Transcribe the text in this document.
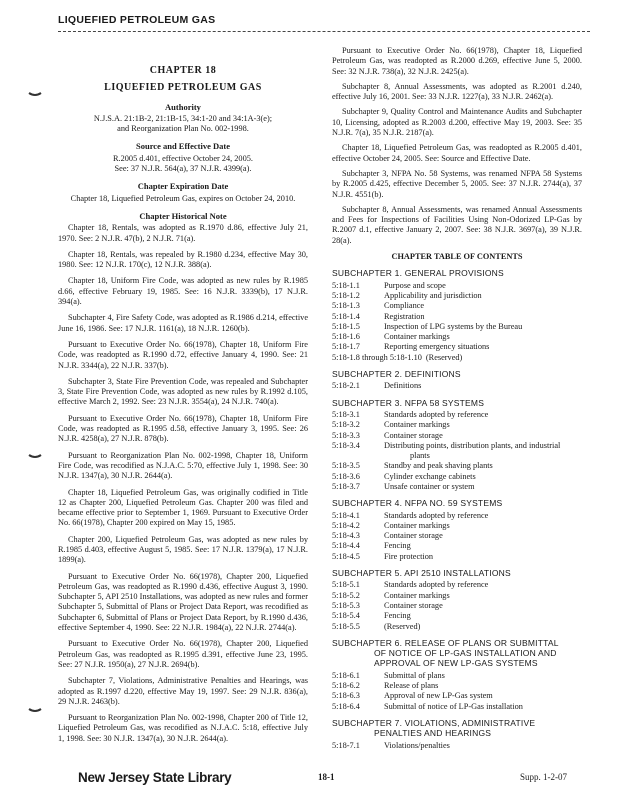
LIQUEFIED PETROLEUM GAS
CHAPTER 18
LIQUEFIED PETROLEUM GAS
Authority
N.J.S.A. 21:1B-2, 21:1B-15, 34:1-20 and 34:1A-3(e);
and Reorganization Plan No. 002-1998.
Source and Effective Date
R.2005 d.401, effective October 24, 2005.
See: 37 N.J.R. 564(a), 37 N.J.R. 4399(a).
Chapter Expiration Date
Chapter 18, Liquefied Petroleum Gas, expires on October 24, 2010.
Chapter Historical Note

Chapter 18, Rentals, was adopted as R.1970 d.86, effective July 21, 1970. See: 2 N.J.R. 47(b), 2 N.J.R. 71(a).

Chapter 18, Rentals, was repealed by R.1980 d.234, effective May 30, 1980. See: 12 N.J.R. 170(c), 12 N.J.R. 388(a).

Chapter 18, Uniform Fire Code, was adopted as new rules by R.1985 d.66, effective February 19, 1985. See: 16 N.J.R. 3339(b), 17 N.J.R. 394(a).

Subchapter 4, Fire Safety Code, was adopted as R.1986 d.214, effective June 16, 1986. See: 17 N.J.R. 1161(a), 18 N.J.R. 1260(b).

Pursuant to Executive Order No. 66(1978), Chapter 18, Uniform Fire Code, was readopted as R.1990 d.72, effective January 4, 1990. See: 21 N.J.R. 3344(a), 22 N.J.R. 337(b).

Subchapter 3, State Fire Prevention Code, was repealed and Subchapter 3, State Fire Prevention Code, was adopted as new rules by R.1992 d.105, effective March 2, 1992. See: 23 N.J.R. 3554(a), 24 N.J.R. 740(a).

Pursuant to Executive Order No. 66(1978), Chapter 18, Uniform Fire Code, was readopted as R.1995 d.58, effective January 3, 1995. See: 26 N.J.R. 4258(a), 27 N.J.R. 878(b).

Pursuant to Reorganization Plan No. 002-1998, Chapter 18, Uniform Fire Code, was recodified as N.J.A.C. 5:70, effective July 1, 1998. See: 30 N.J.R. 1347(a), 30 N.J.R. 2644(a).

Chapter 18, Liquefied Petroleum Gas, was originally codified in Title 12 as Chapter 200, Liquefied Petroleum Gas. Chapter 200 was filed and became effective prior to September 1, 1969. Pursuant to Executive Order No. 66(1978), Chapter 200 expired on May 15, 1985.

Chapter 200, Liquefied Petroleum Gas, was adopted as new rules by R.1985 d.403, effective August 5, 1985. See: 17 N.J.R. 1379(a), 17 N.J.R. 1899(a).

Pursuant to Executive Order No. 66(1978), Chapter 200, Liquefied Petroleum Gas, was readopted as R.1990 d.436, effective August 3, 1990. Subchapter 5, API 2510 Installations, was adopted as new rules and former Subchapter 5, Submittal of Plans or Project Data Report, was recodified as Subchapter 6, Submittal of Plans or Project Data Report, by R.1990 d.436, effective September 4, 1990. See: 22 N.J.R. 1984(a), 22 N.J.R. 2744(a).

Pursuant to Executive Order No. 66(1978), Chapter 200, Liquefied Petroleum Gas, was readopted as R.1995 d.391, effective June 23, 1995. See: 27 N.J.R. 1950(a), 27 N.J.R. 2694(b).

Subchapter 7, Violations, Administrative Penalties and Hearings, was adopted as R.1997 d.220, effective May 19, 1997. See: 29 N.J.R. 836(a), 29 N.J.R. 2463(b).

Pursuant to Reorganization Plan No. 002-1998, Chapter 200 of Title 12, Liquefied Petroleum Gas, was recodified as N.J.A.C. 5:18, effective July 1, 1998. See: 30 N.J.R. 1347(a), 30 N.J.R. 2644(a).

Pursuant to Executive Order No. 66(1978), Chapter 18, Liquefied Petroleum Gas, was readopted as R.2000 d.269, effective June 5, 2000. See: 32 N.J.R. 738(a), 32 N.J.R. 2425(a).

Subchapter 8, Annual Assessments, was adopted as R.2001 d.240, effective July 16, 2001. See: 33 N.J.R. 1227(a), 33 N.J.R. 2462(a).

Subchapter 9, Quality Control and Maintenance Audits and Subchapter 10, Licensing, adopted as R.2003 d.200, effective May 19, 2003. See: 35 N.J.R. 7(a), 35 N.J.R. 2187(a).

Chapter 18, Liquefied Petroleum Gas, was readopted as R.2005 d.401, effective October 24, 2005. See: Source and Effective Date.

Subchapter 3, NFPA No. 58 Systems, was renamed NFPA 58 Systems by R.2005 d.425, effective December 5, 2005. See: 37 N.J.R. 2744(a), 37 N.J.R. 4551(b).

Subchapter 8, Annual Assessments, was renamed Annual Assessments and Fees for Inspections of Facilities Using Non-Odorized LP-Gas by R.2007 d.1, effective January 2, 2007. See: 38 N.J.R. 3697(a), 39 N.J.R. 28(a).

CHAPTER TABLE OF CONTENTS
SUBCHAPTER 1. GENERAL PROVISIONS
5:18-1.1	Purpose and scope
5:18-1.2	Applicability and jurisdiction
5:18-1.3	Compliance
5:18-1.4	Registration
5:18-1.5	Inspection of LPG systems by the Bureau
5:18-1.6	Container markings
5:18-1.7	Reporting emergency situations
5:18-1.8 through 5:18-1.10 (Reserved)
SUBCHAPTER 2. DEFINITIONS
5:18-2.1	Definitions
SUBCHAPTER 3. NFPA 58 SYSTEMS
5:18-3.1	Standards adopted by reference
5:18-3.2	Container markings
5:18-3.3	Container storage
5:18-3.4	Distributing points, distribution plants, and industrial
plants
5:18-3.5	Standby and peak shaving plants
5:18-3.6	Cylinder exchange cabinets
5:18-3.7	Unsafe container or system
SUBCHAPTER 4. NFPA NO. 59 SYSTEMS
5:18-4.1	Standards adopted by reference
5:18-4.2	Container markings
5:18-4.3	Container storage
5:18-4.4	Fencing
5:18-4.5	Fire protection
SUBCHAPTER 5. API 2510 INSTALLATIONS
5:18-5.1	Standards adopted by reference
5:18-5.2	Container markings
5:18-5.3	Container storage
5:18-5.4	Fencing
5:18-5.5	(Reserved)
SUBCHAPTER 6. RELEASE OF PLANS OR SUBMITTAL
OF NOTICE OF LP-GAS INSTALLATION AND APPROVAL OF NEW LP-GAS SYSTEMS
5:18-6.1	Submittal of plans
5:18-6.2	Release of plans
5:18-6.3	Approval of new LP-Gas system
5:18-6.4	Submittal of notice of LP-Gas installation
SUBCHAPTER 7. VIOLATIONS, ADMINISTRATIVE
PENALTIES AND HEARINGS
5:18-7.1	Violations/penalties
New Jersey State Library	18-1	Supp. 1-2-07
